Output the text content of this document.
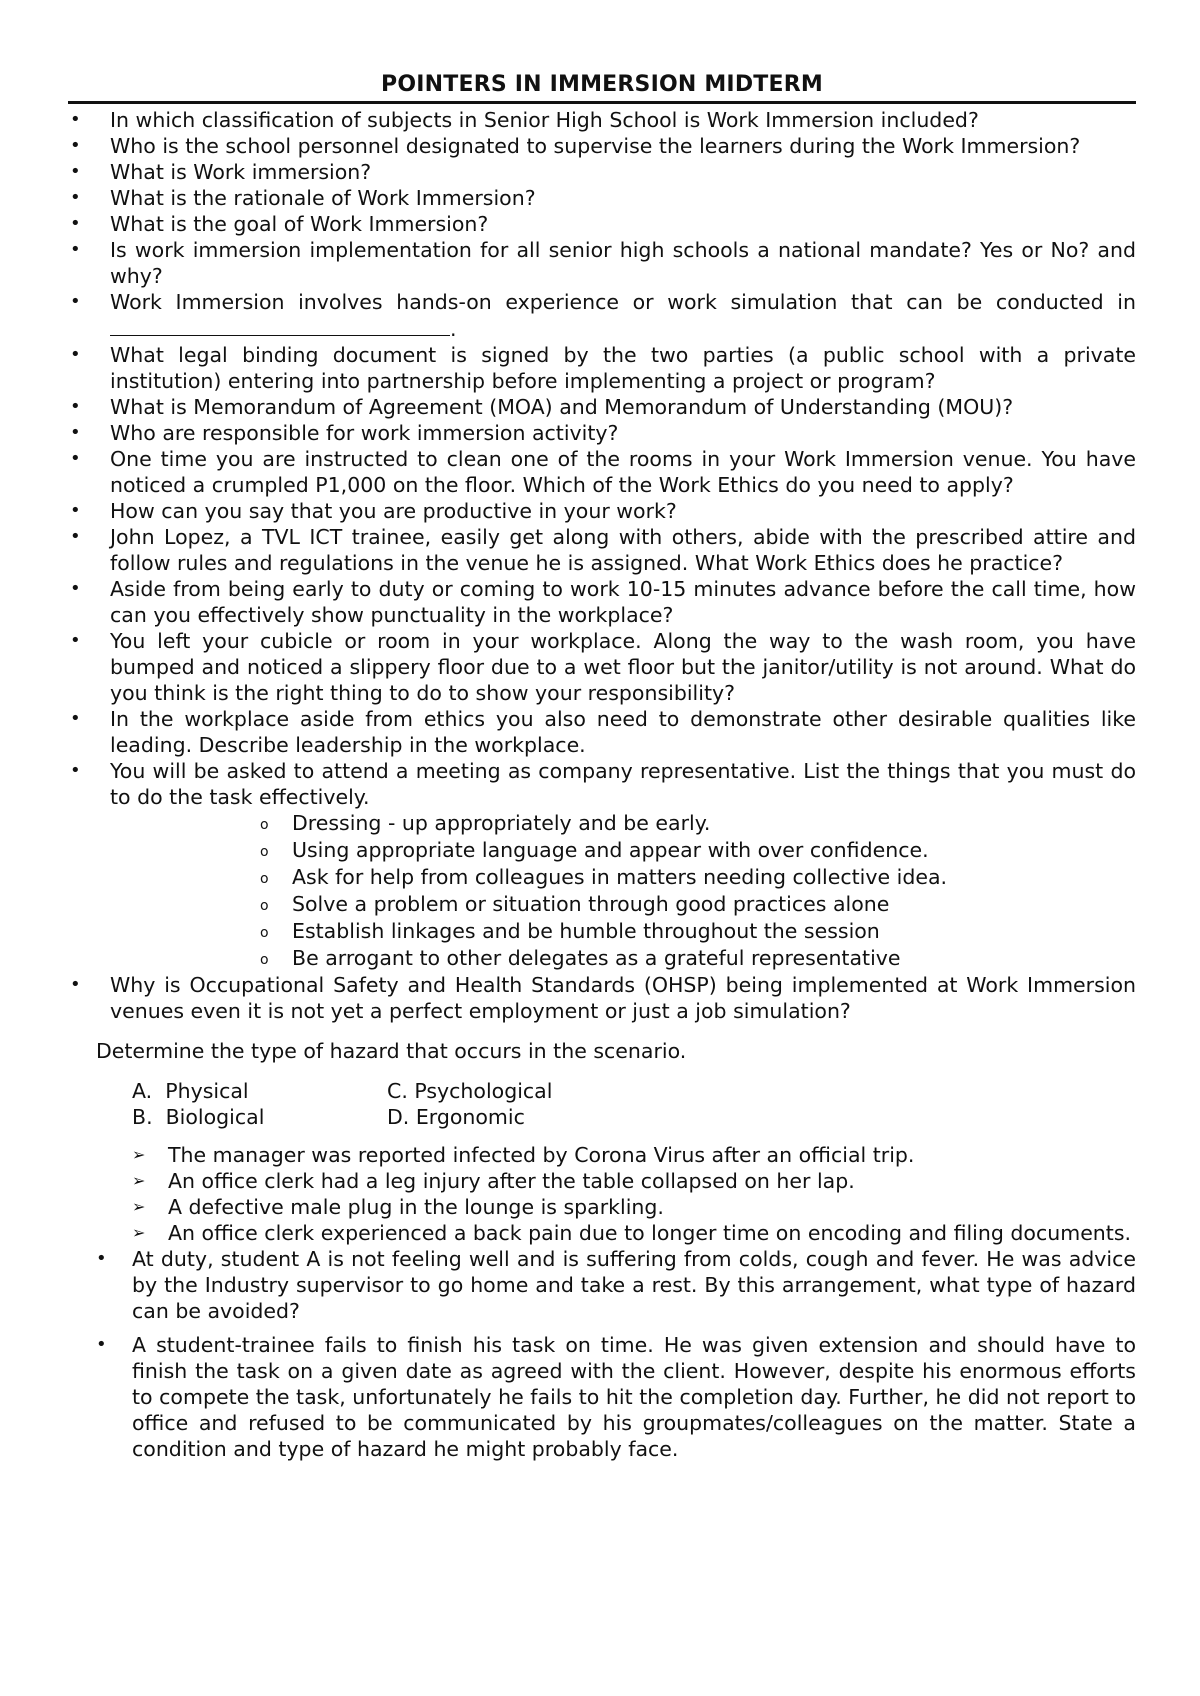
POINTERS IN IMMERSION MIDTERM
• In which classification of subjects in Senior High School is Work Immersion included?
• Who is the school personnel designated to supervise the learners during the Work Immersion?
• What is Work immersion?
• What is the rationale of Work Immersion?
• What is the goal of Work Immersion?
• Is work immersion implementation for all senior high schools a national mandate? Yes or No? and why?
• Work Immersion involves hands-on experience or work simulation that can be conducted in .
• What legal binding document is signed by the two parties (a public school with a private institution) entering into partnership before implementing a project or program?
• What is Memorandum of Agreement (MOA) and Memorandum of Understanding (MOU)?
• Who are responsible for work immersion activity?
• One time you are instructed to clean one of the rooms in your Work Immersion venue. You have noticed a crumpled P1,000 on the floor. Which of the Work Ethics do you need to apply?
• How can you say that you are productive in your work?
• John Lopez, a TVL ICT trainee, easily get along with others, abide with the prescribed attire and follow rules and regulations in the venue he is assigned. What Work Ethics does he practice?
• Aside from being early to duty or coming to work 10-15 minutes advance before the call time, how can you effectively show punctuality in the workplace?
• You left your cubicle or room in your workplace. Along the way to the wash room, you have bumped and noticed a slippery floor due to a wet floor but the janitor/utility is not around. What do you think is the right thing to do to show your responsibility?
• In the workplace aside from ethics you also need to demonstrate other desirable qualities like leading. Describe leadership in the workplace.
• You will be asked to attend a meeting as company representative. List the things that you must do to do the task effectively.
o Dressing - up appropriately and be early.
o Using appropriate language and appear with over confidence.
o Ask for help from colleagues in matters needing collective idea.
o Solve a problem or situation through good practices alone
o Establish linkages and be humble throughout the session
o Be arrogant to other delegates as a grateful representative
• Why is Occupational Safety and Health Standards (OHSP) being implemented at Work Immersion venues even it is not yet a perfect employment or just a job simulation?

Determine the type of hazard that occurs in the scenario.

A.  Physical	C. Psychological
B.  Biological	D. Ergonomic
➢ The manager was reported infected by Corona Virus after an official trip.
➢ An office clerk had a leg injury after the table collapsed on her lap.
➢ A defective male plug in the lounge is sparkling.
➢ An office clerk experienced a back pain due to longer time on encoding and filing documents.
• At duty, student A is not feeling well and is suffering from colds, cough and fever. He was advice by the Industry supervisor to go home and take a rest. By this arrangement, what type of hazard can be avoided?
• A student-trainee fails to finish his task on time. He was given extension and should have to finish the task on a given date as agreed with the client. However, despite his enormous efforts to compete the task, unfortunately he fails to hit the completion day. Further, he did not report to office and refused to be communicated by his groupmates/colleagues on the matter. State a condition and type of hazard he might probably face.
